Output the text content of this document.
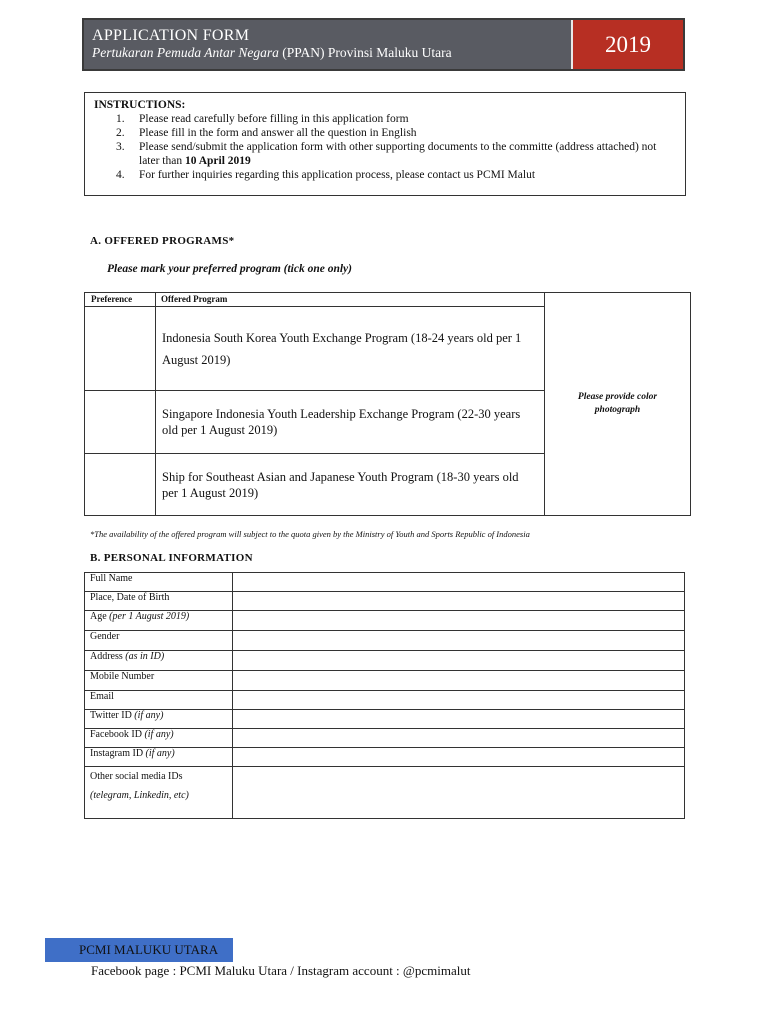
APPLICATION FORM
Pertukaran Pemuda Antar Negara (PPAN) Provinsi Maluku Utara	2019
INSTRUCTIONS:
1. Please read carefully before filling in this application form
2. Please fill in the form and answer all the question in English
3. Please send/submit the application form with other supporting documents to the committe (address attached) not later than 10 April 2019
4. For further inquiries regarding this application process, please contact us PCMI Malut
A. OFFERED PROGRAMS*
Please mark your preferred program (tick one only)
Preference	Offered Program
Indonesia South Korea Youth Exchange Program (18-24 years old per 1 August 2019)
Singapore Indonesia Youth Leadership Exchange Program (22-30 years old per 1 August 2019)
Ship for Southeast Asian and Japanese Youth Program (18-30 years old per 1 August 2019)
Please provide color photograph
*The availability of the offered program will subject to the quota given by the Ministry of Youth and Sports Republic of Indonesia
B. PERSONAL INFORMATION
Full Name	
Place, Date of Birth	
Age (per 1 August 2019)	
Gender	
Address (as in ID)	
Mobile Number	
Email	
Twitter ID (if any)	
Facebook ID (if any)	
Instagram ID (if any)	

Other social media IDs
(telegram, Linkedin, etc)	

PCMI MALUKU UTARA
Facebook page : PCMI Maluku Utara / Instagram account : @pcmimalut
